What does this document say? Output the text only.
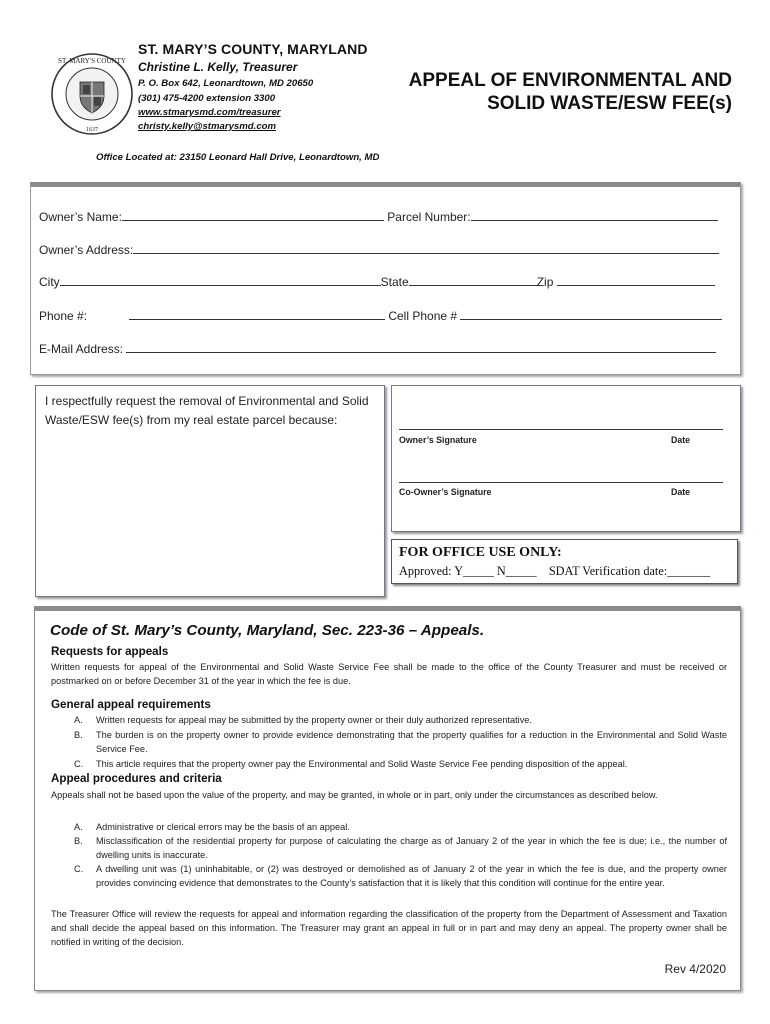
ST. MARY'S COUNTY
1637
ST. MARY’S COUNTY, MARYLAND
Christine L. Kelly, Treasurer
P. O. Box 642, Leonardtown, MD 20650
(301) 475-4200 extension 3300
www.stmarysmd.com/treasurer
christy.kelly@stmarysmd.com
APPEAL OF ENVIRONMENTAL AND
SOLID WASTE/ESW FEE(s)
Office Located at: 23150 Leonard Hall Drive, Leonardtown, MD
Owner’s Name:	Parcel Number:
Owner’s Address:
City	State	Zip
Phone #:	Cell Phone #
E-Mail Address:
I respectfully request the removal of Environmental and Solid Waste/ESW fee(s) from my real estate parcel because:
Owner’s Signature	Date
Co-Owner’s Signature	Date
FOR OFFICE USE ONLY:
Approved: Y_____ N_____ SDAT Verification date:_______
Code of St. Mary’s County, Maryland, Sec. 223-36 – Appeals.
Requests for appeals
Written requests for appeal of the Environmental and Solid Waste Service Fee shall be made to the office of the County Treasurer and must be received or postmarked on or before December 31 of the year in which the fee is due.
General appeal requirements
A. Written requests for appeal may be submitted by the property owner or their duly authorized representative.
B. The burden is on the property owner to provide evidence demonstrating that the property qualifies for a reduction in the Environmental and Solid Waste Service Fee.
C. This article requires that the property owner pay the Environmental and Solid Waste Service Fee pending disposition of the appeal.
Appeal procedures and criteria
Appeals shall not be based upon the value of the property, and may be granted, in whole or in part, only under the circumstances as described below.
A. Administrative or clerical errors may be the basis of an appeal.
B. Misclassification of the residential property for purpose of calculating the charge as of January 2 of the year in which the fee is due; i.e., the number of dwelling units is inaccurate.
C. A dwelling unit was (1) uninhabitable, or (2) was destroyed or demolished as of January 2 of the year in which the fee is due, and the property owner provides convincing evidence that demonstrates to the County’s satisfaction that it is likely that this condition will continue for the entire year.
The Treasurer Office will review the requests for appeal and information regarding the classification of the property from the Department of Assessment and Taxation and shall decide the appeal based on this information. The Treasurer may grant an appeal in full or in part and may deny an appeal. The property owner shall be notified in writing of the decision.
Rev 4/2020
